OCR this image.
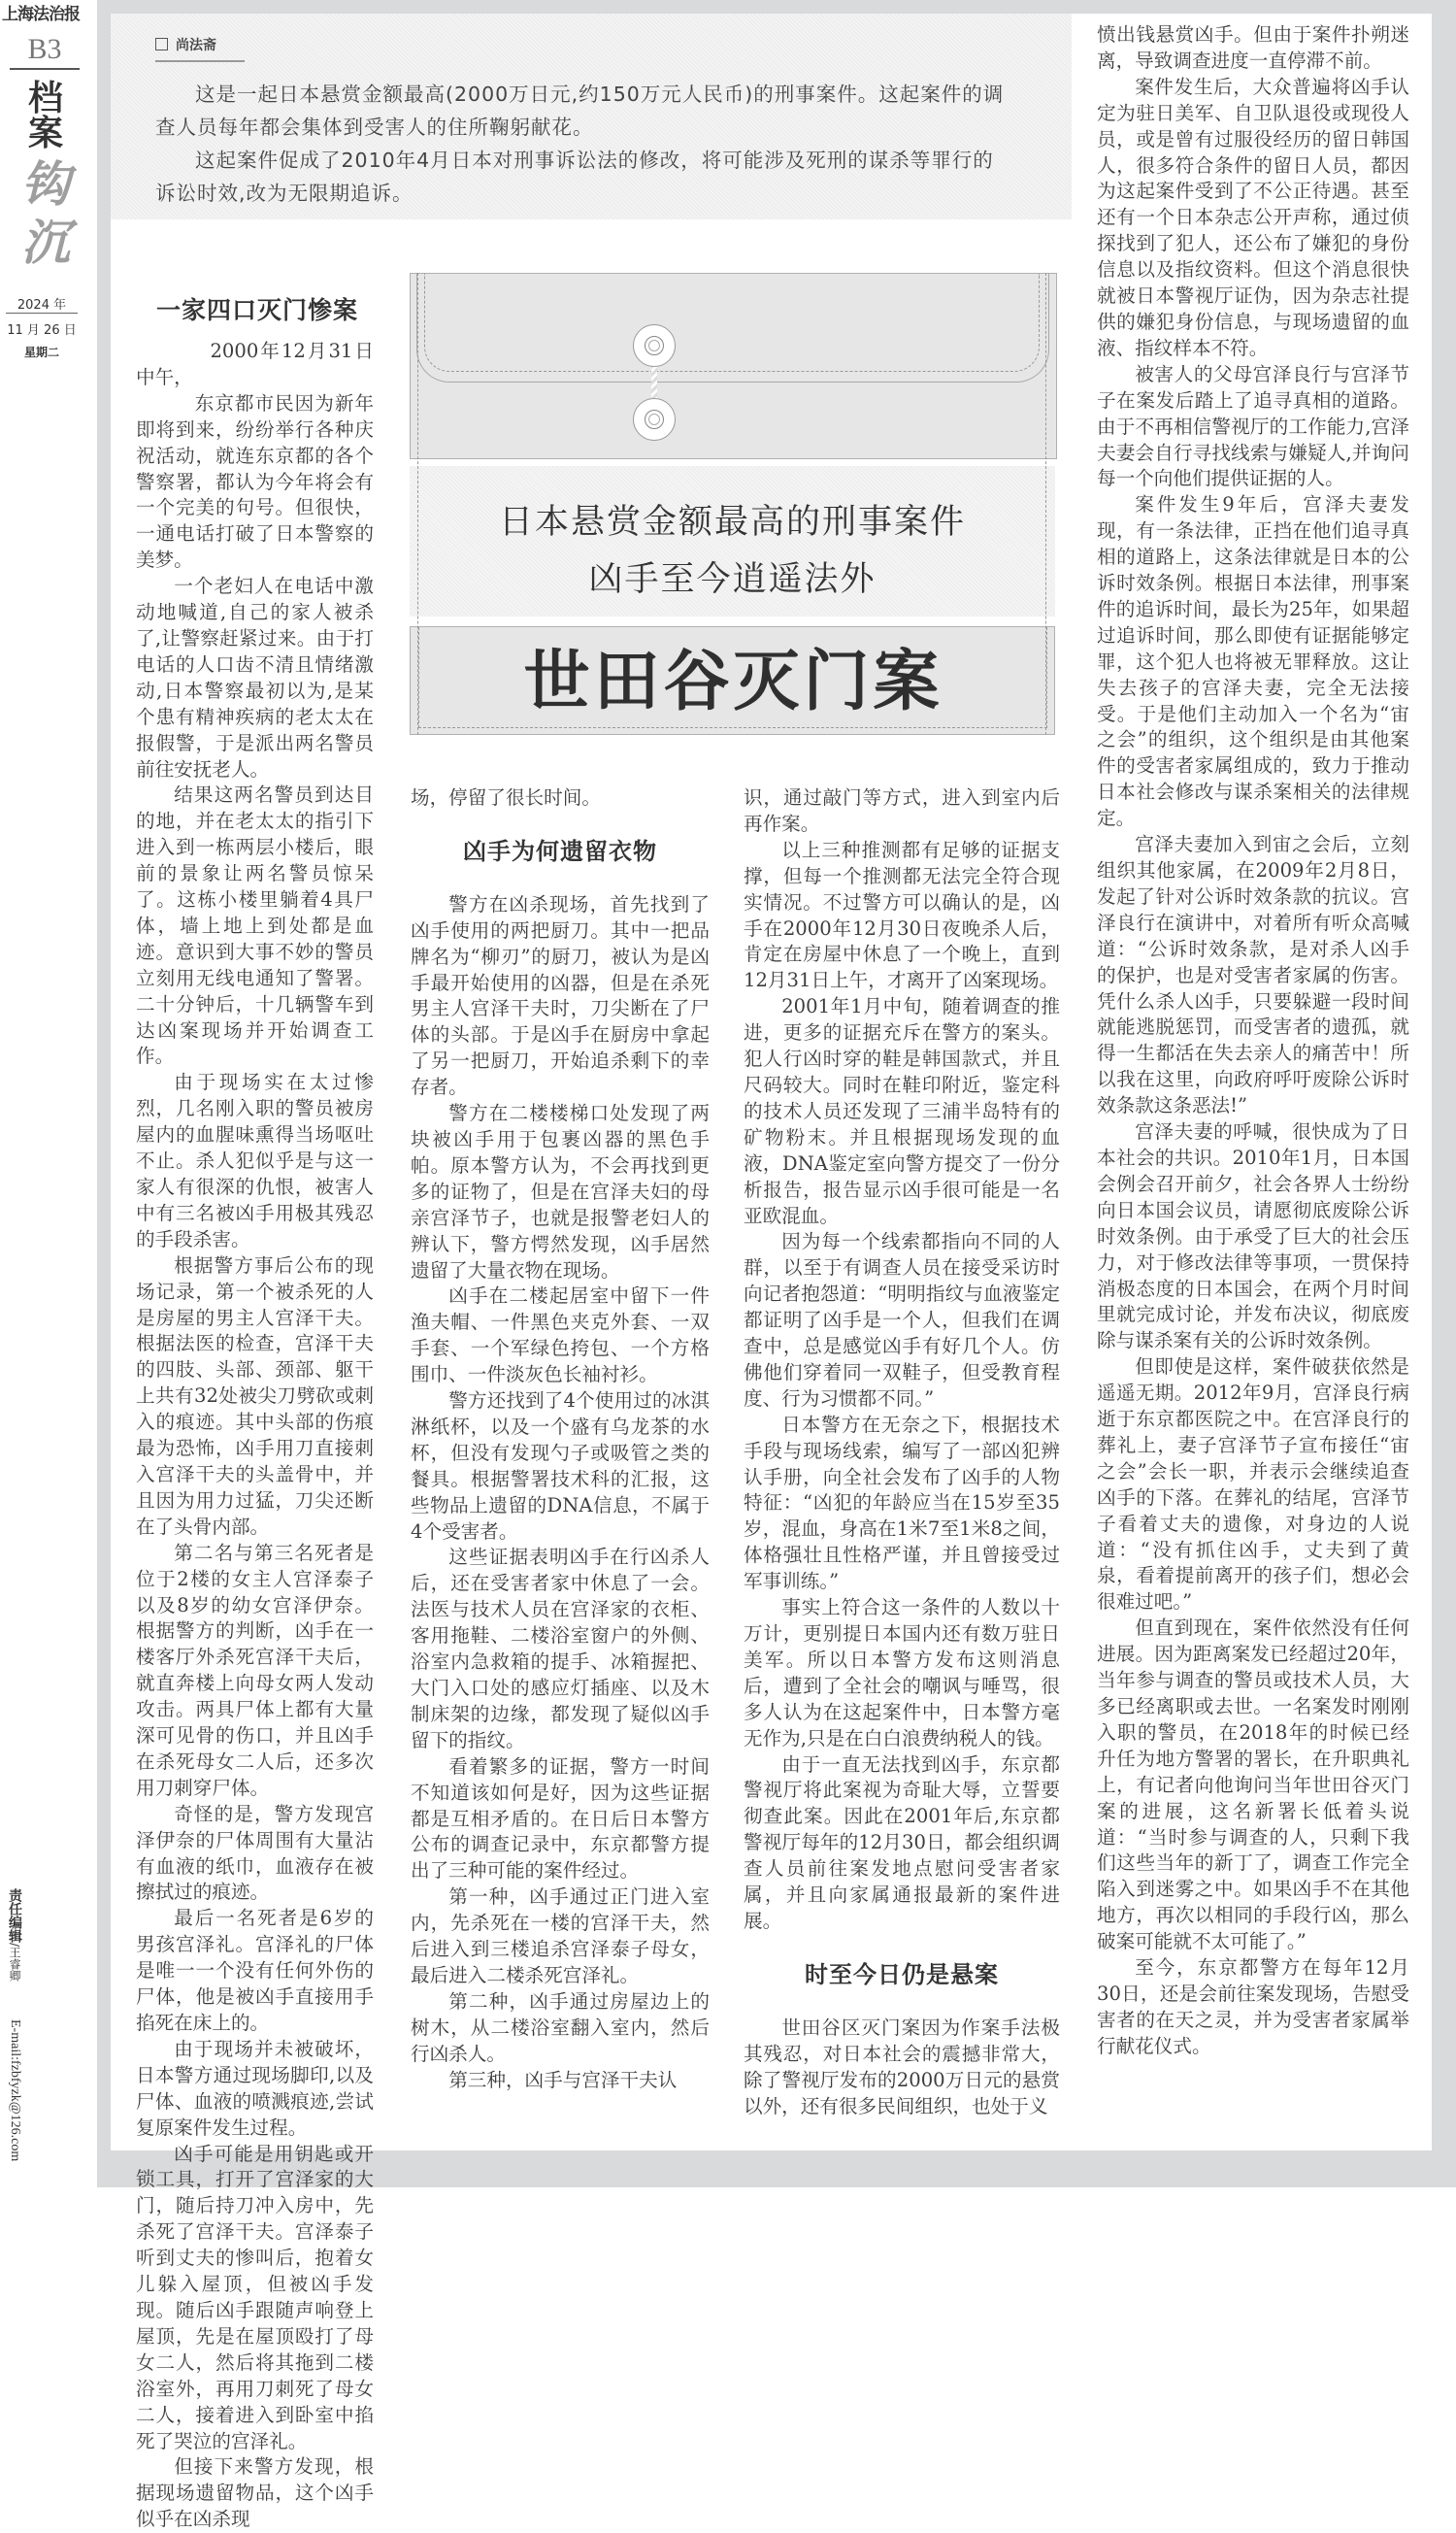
上海法治报
B3
档案
钩沉
2024 年
11 月 26 日
星期二
责任编辑/王睿卿
E-mail:fzbfyzk@126.com
尚法斋

这是一起日本悬赏金额最高(2000万日元,约150万元人民币)的刑事案件。这起案件的调查人员每年都会集体到受害人的住所鞠躬献花。

这起案件促成了2010年4月日本对刑事诉讼法的修改，将可能涉及死刑的谋杀等罪行的诉讼时效,改为无限期追诉。

日本悬赏金额最高的刑事案件
凶手至今逍遥法外
世田谷灭门案
一家四口灭门惨案

2000年12月31日中午，

东京都市民因为新年即将到来，纷纷举行各种庆祝活动，就连东京都的各个警察署，都认为今年将会有一个完美的句号。但很快，一通电话打破了日本警察的美梦。

一个老妇人在电话中激动地喊道,自己的家人被杀了,让警察赶紧过来。由于打电话的人口齿不清且情绪激动,日本警察最初以为,是某个患有精神疾病的老太太在报假警，于是派出两名警员前往安抚老人。

结果这两名警员到达目的地，并在老太太的指引下进入到一栋两层小楼后，眼前的景象让两名警员惊呆了。这栋小楼里躺着4具尸体，墙上地上到处都是血迹。意识到大事不妙的警员立刻用无线电通知了警署。二十分钟后，十几辆警车到达凶案现场并开始调查工作。

由于现场实在太过惨烈，几名刚入职的警员被房屋内的血腥味熏得当场呕吐不止。杀人犯似乎是与这一家人有很深的仇恨，被害人中有三名被凶手用极其残忍的手段杀害。

根据警方事后公布的现场记录，第一个被杀死的人是房屋的男主人宫泽干夫。根据法医的检查，宫泽干夫的四肢、头部、颈部、躯干上共有32处被尖刀劈砍或刺入的痕迹。其中头部的伤痕最为恐怖，凶手用刀直接刺入宫泽干夫的头盖骨中，并且因为用力过猛，刀尖还断在了头骨内部。

第二名与第三名死者是位于2楼的女主人宫泽泰子以及8岁的幼女宫泽伊奈。根据警方的判断，凶手在一楼客厅外杀死宫泽干夫后，就直奔楼上向母女两人发动攻击。两具尸体上都有大量深可见骨的伤口，并且凶手在杀死母女二人后，还多次用刀刺穿尸体。

奇怪的是，警方发现宫泽伊奈的尸体周围有大量沾有血液的纸巾，血液存在被擦拭过的痕迹。

最后一名死者是6岁的男孩宫泽礼。宫泽礼的尸体是唯一一个没有任何外伤的尸体，他是被凶手直接用手掐死在床上的。

由于现场并未被破坏，日本警方通过现场脚印,以及尸体、血液的喷溅痕迹,尝试复原案件发生过程。

凶手可能是用钥匙或开锁工具，打开了宫泽家的大门，随后持刀冲入房中，先杀死了宫泽干夫。宫泽泰子听到丈夫的惨叫后，抱着女儿躲入屋顶，但被凶手发现。随后凶手跟随声响登上屋顶，先是在屋顶殴打了母女二人，然后将其拖到二楼浴室外，再用刀刺死了母女二人，接着进入到卧室中掐死了哭泣的宫泽礼。

但接下来警方发现，根据现场遗留物品，这个凶手似乎在凶杀现

场，停留了很长时间。

凶手为何遗留衣物

警方在凶杀现场，首先找到了凶手使用的两把厨刀。其中一把品牌名为“柳刃”的厨刀，被认为是凶手最开始使用的凶器，但是在杀死男主人宫泽干夫时，刀尖断在了尸体的头部。于是凶手在厨房中拿起了另一把厨刀，开始追杀剩下的幸存者。

警方在二楼楼梯口处发现了两块被凶手用于包裹凶器的黑色手帕。原本警方认为，不会再找到更多的证物了，但是在宫泽夫妇的母亲宫泽节子，也就是报警老妇人的辨认下，警方愕然发现，凶手居然遗留了大量衣物在现场。

凶手在二楼起居室中留下一件渔夫帽、一件黑色夹克外套、一双手套、一个军绿色挎包、一个方格围巾、一件淡灰色长袖衬衫。

警方还找到了4个使用过的冰淇淋纸杯，以及一个盛有乌龙茶的水杯，但没有发现勺子或吸管之类的餐具。根据警署技术科的汇报，这些物品上遗留的DNA信息，不属于4个受害者。

这些证据表明凶手在行凶杀人后，还在受害者家中休息了一会。法医与技术人员在宫泽家的衣柜、客用拖鞋、二楼浴室窗户的外侧、浴室内急救箱的提手、冰箱握把、大门入口处的感应灯插座、以及木制床架的边缘，都发现了疑似凶手留下的指纹。

看着繁多的证据，警方一时间不知道该如何是好，因为这些证据都是互相矛盾的。在日后日本警方公布的调查记录中，东京都警方提出了三种可能的案件经过。

第一种，凶手通过正门进入室内，先杀死在一楼的宫泽干夫，然后进入到三楼追杀宫泽泰子母女，最后进入二楼杀死宫泽礼。

第二种，凶手通过房屋边上的树木，从二楼浴室翻入室内，然后行凶杀人。

第三种，凶手与宫泽干夫认

识，通过敲门等方式，进入到室内后再作案。

以上三种推测都有足够的证据支撑，但每一个推测都无法完全符合现实情况。不过警方可以确认的是，凶手在2000年12月30日夜晚杀人后，肯定在房屋中休息了一个晚上，直到12月31日上午，才离开了凶案现场。

2001年1月中旬，随着调查的推进，更多的证据充斥在警方的案头。犯人行凶时穿的鞋是韩国款式，并且尺码较大。同时在鞋印附近，鉴定科的技术人员还发现了三浦半岛特有的矿物粉末。并且根据现场发现的血液，DNA鉴定室向警方提交了一份分析报告，报告显示凶手很可能是一名亚欧混血。

因为每一个线索都指向不同的人群，以至于有调查人员在接受采访时向记者抱怨道：“明明指纹与血液鉴定都证明了凶手是一个人，但我们在调查中，总是感觉凶手有好几个人。仿佛他们穿着同一双鞋子，但受教育程度、行为习惯都不同。”

日本警方在无奈之下，根据技术手段与现场线索，编写了一部凶犯辨认手册，向全社会发布了凶手的人物特征：“凶犯的年龄应当在15岁至35岁，混血，身高在1米7至1米8之间，体格强壮且性格严谨，并且曾接受过军事训练。”

事实上符合这一条件的人数以十万计，更别提日本国内还有数万驻日美军。所以日本警方发布这则消息后，遭到了全社会的嘲讽与唾骂，很多人认为在这起案件中，日本警方毫无作为,只是在白白浪费纳税人的钱。

由于一直无法找到凶手，东京都警视厅将此案视为奇耻大辱，立誓要彻查此案。因此在2001年后,东京都警视厅每年的12月30日，都会组织调查人员前往案发地点慰问受害者家属，并且向家属通报最新的案件进展。

时至今日仍是悬案

世田谷区灭门案因为作案手法极其残忍，对日本社会的震撼非常大，除了警视厅发布的2000万日元的悬赏以外，还有很多民间组织，也处于义

愤出钱悬赏凶手。但由于案件扑朔迷离，导致调查进度一直停滞不前。

案件发生后，大众普遍将凶手认定为驻日美军、自卫队退役或现役人员，或是曾有过服役经历的留日韩国人，很多符合条件的留日人员，都因为这起案件受到了不公正待遇。甚至还有一个日本杂志公开声称，通过侦探找到了犯人，还公布了嫌犯的身份信息以及指纹资料。但这个消息很快就被日本警视厅证伪，因为杂志社提供的嫌犯身份信息，与现场遗留的血液、指纹样本不符。

被害人的父母宫泽良行与宫泽节子在案发后踏上了追寻真相的道路。由于不再相信警视厅的工作能力,宫泽夫妻会自行寻找线索与嫌疑人,并询问每一个向他们提供证据的人。

案件发生9年后，宫泽夫妻发现，有一条法律，正挡在他们追寻真相的道路上，这条法律就是日本的公诉时效条例。根据日本法律，刑事案件的追诉时间，最长为25年，如果超过追诉时间，那么即使有证据能够定罪，这个犯人也将被无罪释放。这让失去孩子的宫泽夫妻，完全无法接受。于是他们主动加入一个名为“宙之会”的组织，这个组织是由其他案件的受害者家属组成的，致力于推动日本社会修改与谋杀案相关的法律规定。

宫泽夫妻加入到宙之会后，立刻组织其他家属，在2009年2月8日，发起了针对公诉时效条款的抗议。宫泽良行在演讲中，对着所有听众高喊道：“公诉时效条款，是对杀人凶手的保护，也是对受害者家属的伤害。凭什么杀人凶手，只要躲避一段时间就能逃脱惩罚，而受害者的遗孤，就得一生都活在失去亲人的痛苦中！所以我在这里，向政府呼吁废除公诉时效条款这条恶法!”

宫泽夫妻的呼喊，很快成为了日本社会的共识。2010年1月，日本国会例会召开前夕，社会各界人士纷纷向日本国会议员，请愿彻底废除公诉时效条例。由于承受了巨大的社会压力，对于修改法律等事项，一贯保持消极态度的日本国会，在两个月时间里就完成讨论，并发布决议，彻底废除与谋杀案有关的公诉时效条例。

但即使是这样，案件破获依然是遥遥无期。2012年9月，宫泽良行病逝于东京都医院之中。在宫泽良行的葬礼上，妻子宫泽节子宣布接任“宙之会”会长一职，并表示会继续追查凶手的下落。在葬礼的结尾，宫泽节子看着丈夫的遗像，对身边的人说道：“没有抓住凶手，丈夫到了黄泉，看着提前离开的孩子们，想必会很难过吧。”

但直到现在，案件依然没有任何进展。因为距离案发已经超过20年，当年参与调查的警员或技术人员，大多已经离职或去世。一名案发时刚刚入职的警员，在2018年的时候已经升任为地方警署的署长，在升职典礼上，有记者向他询问当年世田谷灭门案的进展，这名新署长低着头说道：“当时参与调查的人，只剩下我们这些当年的新丁了，调查工作完全陷入到迷雾之中。如果凶手不在其他地方，再次以相同的手段行凶，那么破案可能就不太可能了。”

至今，东京都警方在每年12月30日，还是会前往案发现场，告慰受害者的在天之灵，并为受害者家属举行献花仪式。
